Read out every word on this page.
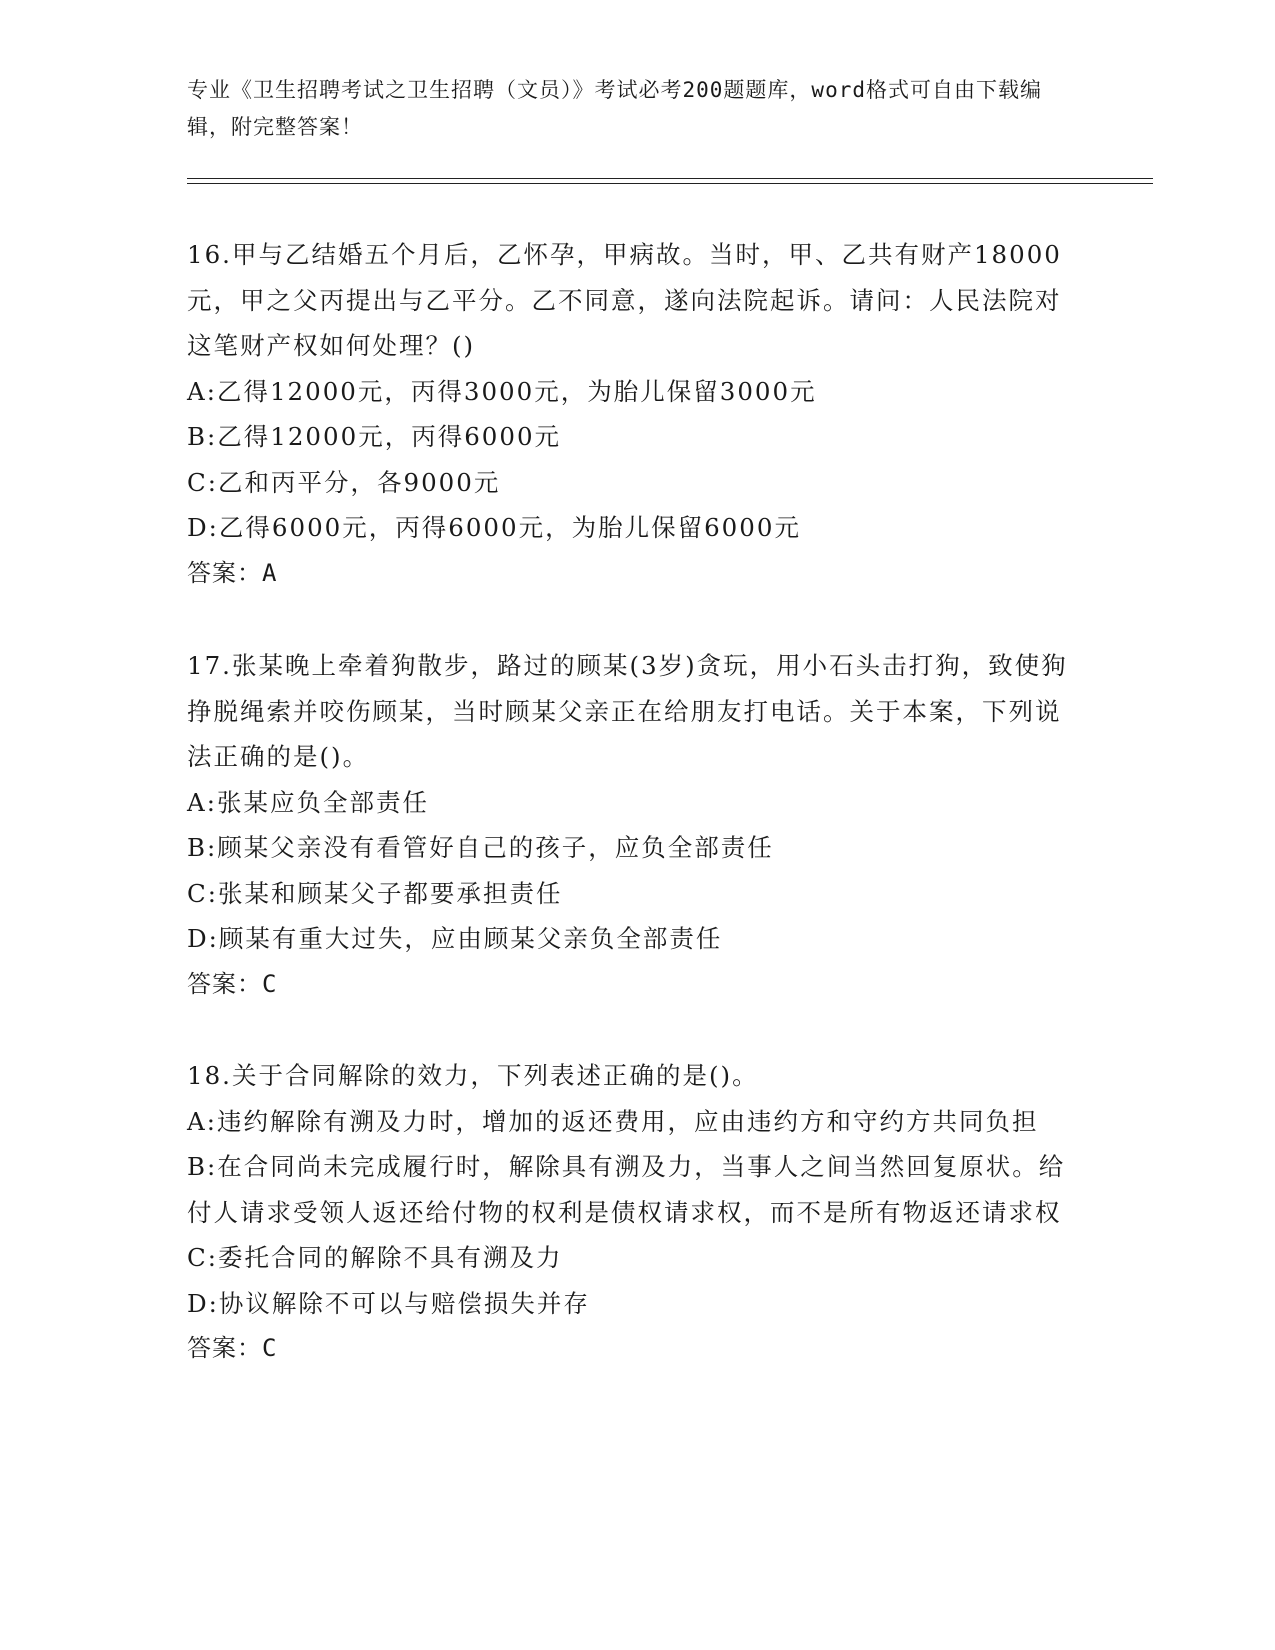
专业《卫生招聘考试之卫生招聘（文员）》考试必考200题题库，word格式可自由下载编辑，附完整答案！

16.甲与乙结婚五个月后，乙怀孕，甲病故。当时，甲、乙共有财产18000元，甲之父丙提出与乙平分。乙不同意，遂向法院起诉。请问：人民法院对这笔财产权如何处理？()

A:乙得12000元，丙得3000元，为胎儿保留3000元

B:乙得12000元，丙得6000元

C:乙和丙平分，各9000元

D:乙得6000元，丙得6000元，为胎儿保留6000元

答案：A

17.张某晚上牵着狗散步，路过的顾某(3岁)贪玩，用小石头击打狗，致使狗挣脱绳索并咬伤顾某，当时顾某父亲正在给朋友打电话。关于本案，下列说法正确的是()。

A:张某应负全部责任

B:顾某父亲没有看管好自己的孩子，应负全部责任

C:张某和顾某父子都要承担责任

D:顾某有重大过失，应由顾某父亲负全部责任

答案：C

18.关于合同解除的效力，下列表述正确的是()。

A:违约解除有溯及力时，增加的返还费用，应由违约方和守约方共同负担

B:在合同尚未完成履行时，解除具有溯及力，当事人之间当然回复原状。给付人请求受领人返还给付物的权利是债权请求权，而不是所有物返还请求权

C:委托合同的解除不具有溯及力

D:协议解除不可以与赔偿损失并存

答案：C
